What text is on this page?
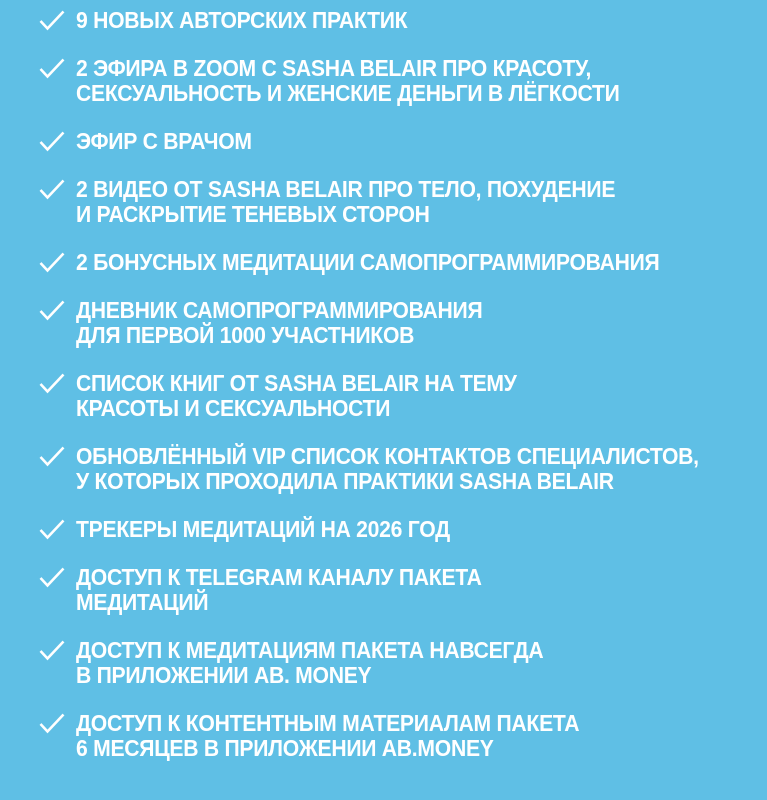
9 НОВЫХ АВТОРСКИХ ПРАКТИК
2 ЭФИРА В ZOOM С SASHA BELAIR ПРО КРАСОТУ,
СЕКСУАЛЬНОСТЬ И ЖЕНСКИЕ ДЕНЬГИ В ЛЁГКОСТИ
ЭФИР С ВРАЧОМ
2 ВИДЕО ОТ SASHA BELAIR ПРО ТЕЛО, ПОХУДЕНИЕ
И РАСКРЫТИЕ ТЕНЕВЫХ СТОРОН
2 БОНУСНЫХ МЕДИТАЦИИ САМОПРОГРАММИРОВАНИЯ
ДНЕВНИК САМОПРОГРАММИРОВАНИЯ
ДЛЯ ПЕРВОЙ 1000 УЧАСТНИКОВ
СПИСОК КНИГ ОТ SASHA BELAIR НА ТЕМУ
КРАСОТЫ И СЕКСУАЛЬНОСТИ
ОБНОВЛЁННЫЙ VIP СПИСОК КОНТАКТОВ СПЕЦИАЛИСТОВ,
У КОТОРЫХ ПРОХОДИЛА ПРАКТИКИ SASHA BELAIR
ТРЕКЕРЫ МЕДИТАЦИЙ НА 2026 ГОД
ДОСТУП К TELEGRAM КАНАЛУ ПАКЕТА
МЕДИТАЦИЙ
ДОСТУП К МЕДИТАЦИЯМ ПАКЕТА НАВСЕГДА
В ПРИЛОЖЕНИИ AB. MONEY
ДОСТУП К КОНТЕНТНЫМ МАТЕРИАЛАМ ПАКЕТА
6 МЕСЯЦЕВ В ПРИЛОЖЕНИИ AB.MONEY
